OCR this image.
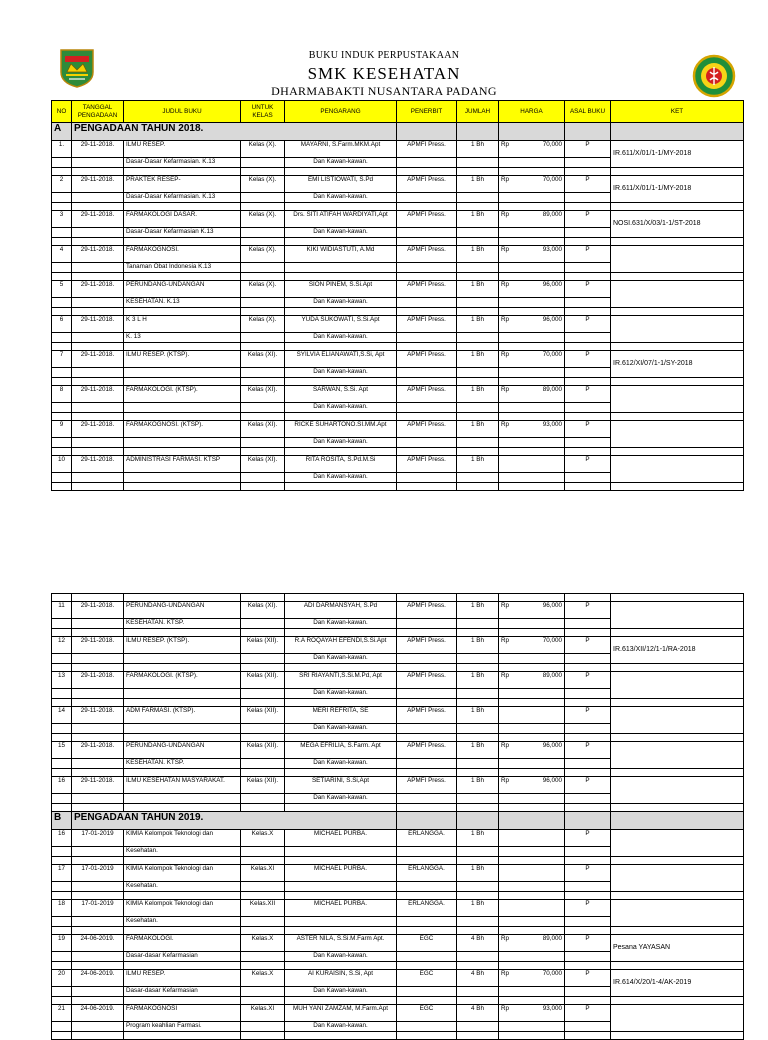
BUKU INDUK PERPUSTAKAAN
SMK KESEHATAN
DHARMABAKTI NUSANTARA PADANG
NO	TANGGAL PENGADAAN	JUDUL BUKU	UNTUK KELAS	PENGARANG	PENERBIT	JUMLAH	HARGA	ASAL BUKU	KET
A	PENGADAAN TAHUN 2018.								
1.	29-11-2018.	ILMU RESEP.	Kelas (X).	MAYARNI, S.Farm.MKM.Apt	APMFI Press.	1 Bh	Rp 70,000	P	IR.611/X/01/1-1/MY-2018
		Dasar-Dasar Kefarmasian. K.13		Dan Kawan-kawan.					

2	29-11-2018.	PRAKTEK RESEP-	Kelas (X).	EMI LISTIOWATI, S.Pd	APMFI Press.	1 Bh	Rp 70,000	P	IR.611/X/01/1-1/MY-2018
		Dasar-Dasar Kefarmasian. K.13		Dan Kawan-kawan.					

3	29-11-2018.	FARMAKOLOGI DASAR.	Kelas (X).	Drs. SITI ATIFAH WARDIYATI,Apt	APMFI Press.	1 Bh	Rp 89,000	P	NOSI.631/X/03/1-1/ST-2018
		Dasar-Dasar Kefarmasian K.13		Dan Kawan-kawan.					

4	29-11-2018.	FARMAKOGNOSI.	Kelas (X).	KIKI WIDIASTUTI, A.Md	APMFI Press.	1 Bh	Rp 93,000	P	
		Tanaman Obat Indonesia K.13							

5	29-11-2018.	PERUNDANG-UNDANGAN	Kelas (X).	SION PINEM, S.Si.Apt	APMFI Press.	1 Bh	Rp 96,000	P	
		KESEHATAN. K.13		Dan Kawan-kawan.					

6	29-11-2018.	K 3 L H	Kelas (X).	YUDA SUKOWATI, S.Si.Apt	APMFI Press.	1 Bh	Rp 96,000	P	
		K. 13		Dan Kawan-kawan.					

7	29-11-2018.	ILMU RESEP. (KTSP).	Kelas (XI).	SYILVIA ELIANAWATI,S.Si, Apt	APMFI Press.	1 Bh	Rp 70,000	P	IR.612/XI/07/1-1/SY-2018
				Dan Kawan-kawan.					

8	29-11-2018.	FARMAKOLOGI. (KTSP).	Kelas (XI).	SARWAN, S.Si. Apt	APMFI Press.	1 Bh	Rp 89,000	P	
				Dan Kawan-kawan.					

9	29-11-2018.	FARMAKOGNOSI. (KTSP).	Kelas (XI).	RICKE SUHARTONO.SI.MM.Apt	APMFI Press.	1 Bh	Rp 93,000	P	
				Dan Kawan-kawan.					

10	29-11-2018.	ADMINISTRASI FARMASI. KTSP	Kelas (XI).	RITA ROSITA, S.Pd.M.Si	APMFI Press.	1 Bh		P	
				Dan Kawan-kawan.					

11	29-11-2018.	PERUNDANG-UNDANGAN	Kelas (XI).	ADI DARMANSYAH, S.Pd	APMFI Press.	1 Bh	Rp 96,000	P	
		KESEHATAN. KTSP.		Dan Kawan-kawan.					

12	29-11-2018.	ILMU RESEP. (KTSP).	Kelas (XII).	R.A ROQAYAH EFENDI,S.Si.Apt	APMFI Press.	1 Bh	Rp 70,000	P	IR.613/XII/12/1-1/RA-2018
				Dan Kawan-kawan.					

13	29-11-2018.	FARMAKOLOGI. (KTSP).	Kelas (XII).	SRI RIAYANTI,S.Si.M.Pd, Apt	APMFI Press.	1 Bh	Rp 89,000	P	
				Dan Kawan-kawan.					

14	29-11-2018.	ADM FARMASI. (KTSP).	Kelas (XII).	MERI REFRITA, SE	APMFI Press.	1 Bh		P	
				Dan Kawan-kawan.					

15	29-11-2018.	PERUNDANG-UNDANGAN	Kelas (XII).	MEGA EFRILIA, S.Farm. Apt	APMFI Press.	1 Bh	Rp 96,000	P	
		KESEHATAN. KTSP.		Dan Kawan-kawan.					

16	29-11-2018.	ILMU KESEHATAN MASYARAKAT.	Kelas (XII).	SETIARINI, S.Si,Apt	APMFI Press.	1 Bh	Rp 96,000	P	
				Dan Kawan-kawan.					

B	PENGADAAN TAHUN 2019.								
16	17-01-2019	KIMIA Kelompok Teknologi dan	Kelas.X	MICHAEL PURBA.	ERLANGGA.	1 Bh		P	
		Kesehatan.							

17	17-01-2019	KIMIA Kelompok Teknologi dan	Kelas.XI	MICHAEL PURBA.	ERLANGGA.	1 Bh		P	
		Kesehatan.							

18	17-01-2019	KIMIA Kelompok Teknologi dan	Kelas.XII	MICHAEL PURBA.	ERLANGGA.	1 Bh		P	
		Kesehatan.							

19	24-06-2019.	FARMAKOLOGI.	Kelas.X	ASTER NILA, S.Si.M.Farm Apt.	EGC	4 Bh	Rp 89,000	P	Pesana YAYASAN
		Dasar-dasar Kefarmasian		Dan Kawan-kawan.					

20	24-06-2019.	ILMU RESEP.	Kelas.X	AI KURAISIN, S.Si, Apt	EGC	4 Bh	Rp 70,000	P	IR.614/X/20/1-4/AK-2019
		Dasar-dasar Kefarmasian		Dan Kawan-kawan.					

21	24-06-2019.	FARMAKOGNOSI	Kelas.XI	MUH YANI ZAMZAM, M.Farm.Apt	EGC	4 Bh	Rp 93,000	P	
		Program keahlian Farmasi.		Dan Kawan-kawan.					
